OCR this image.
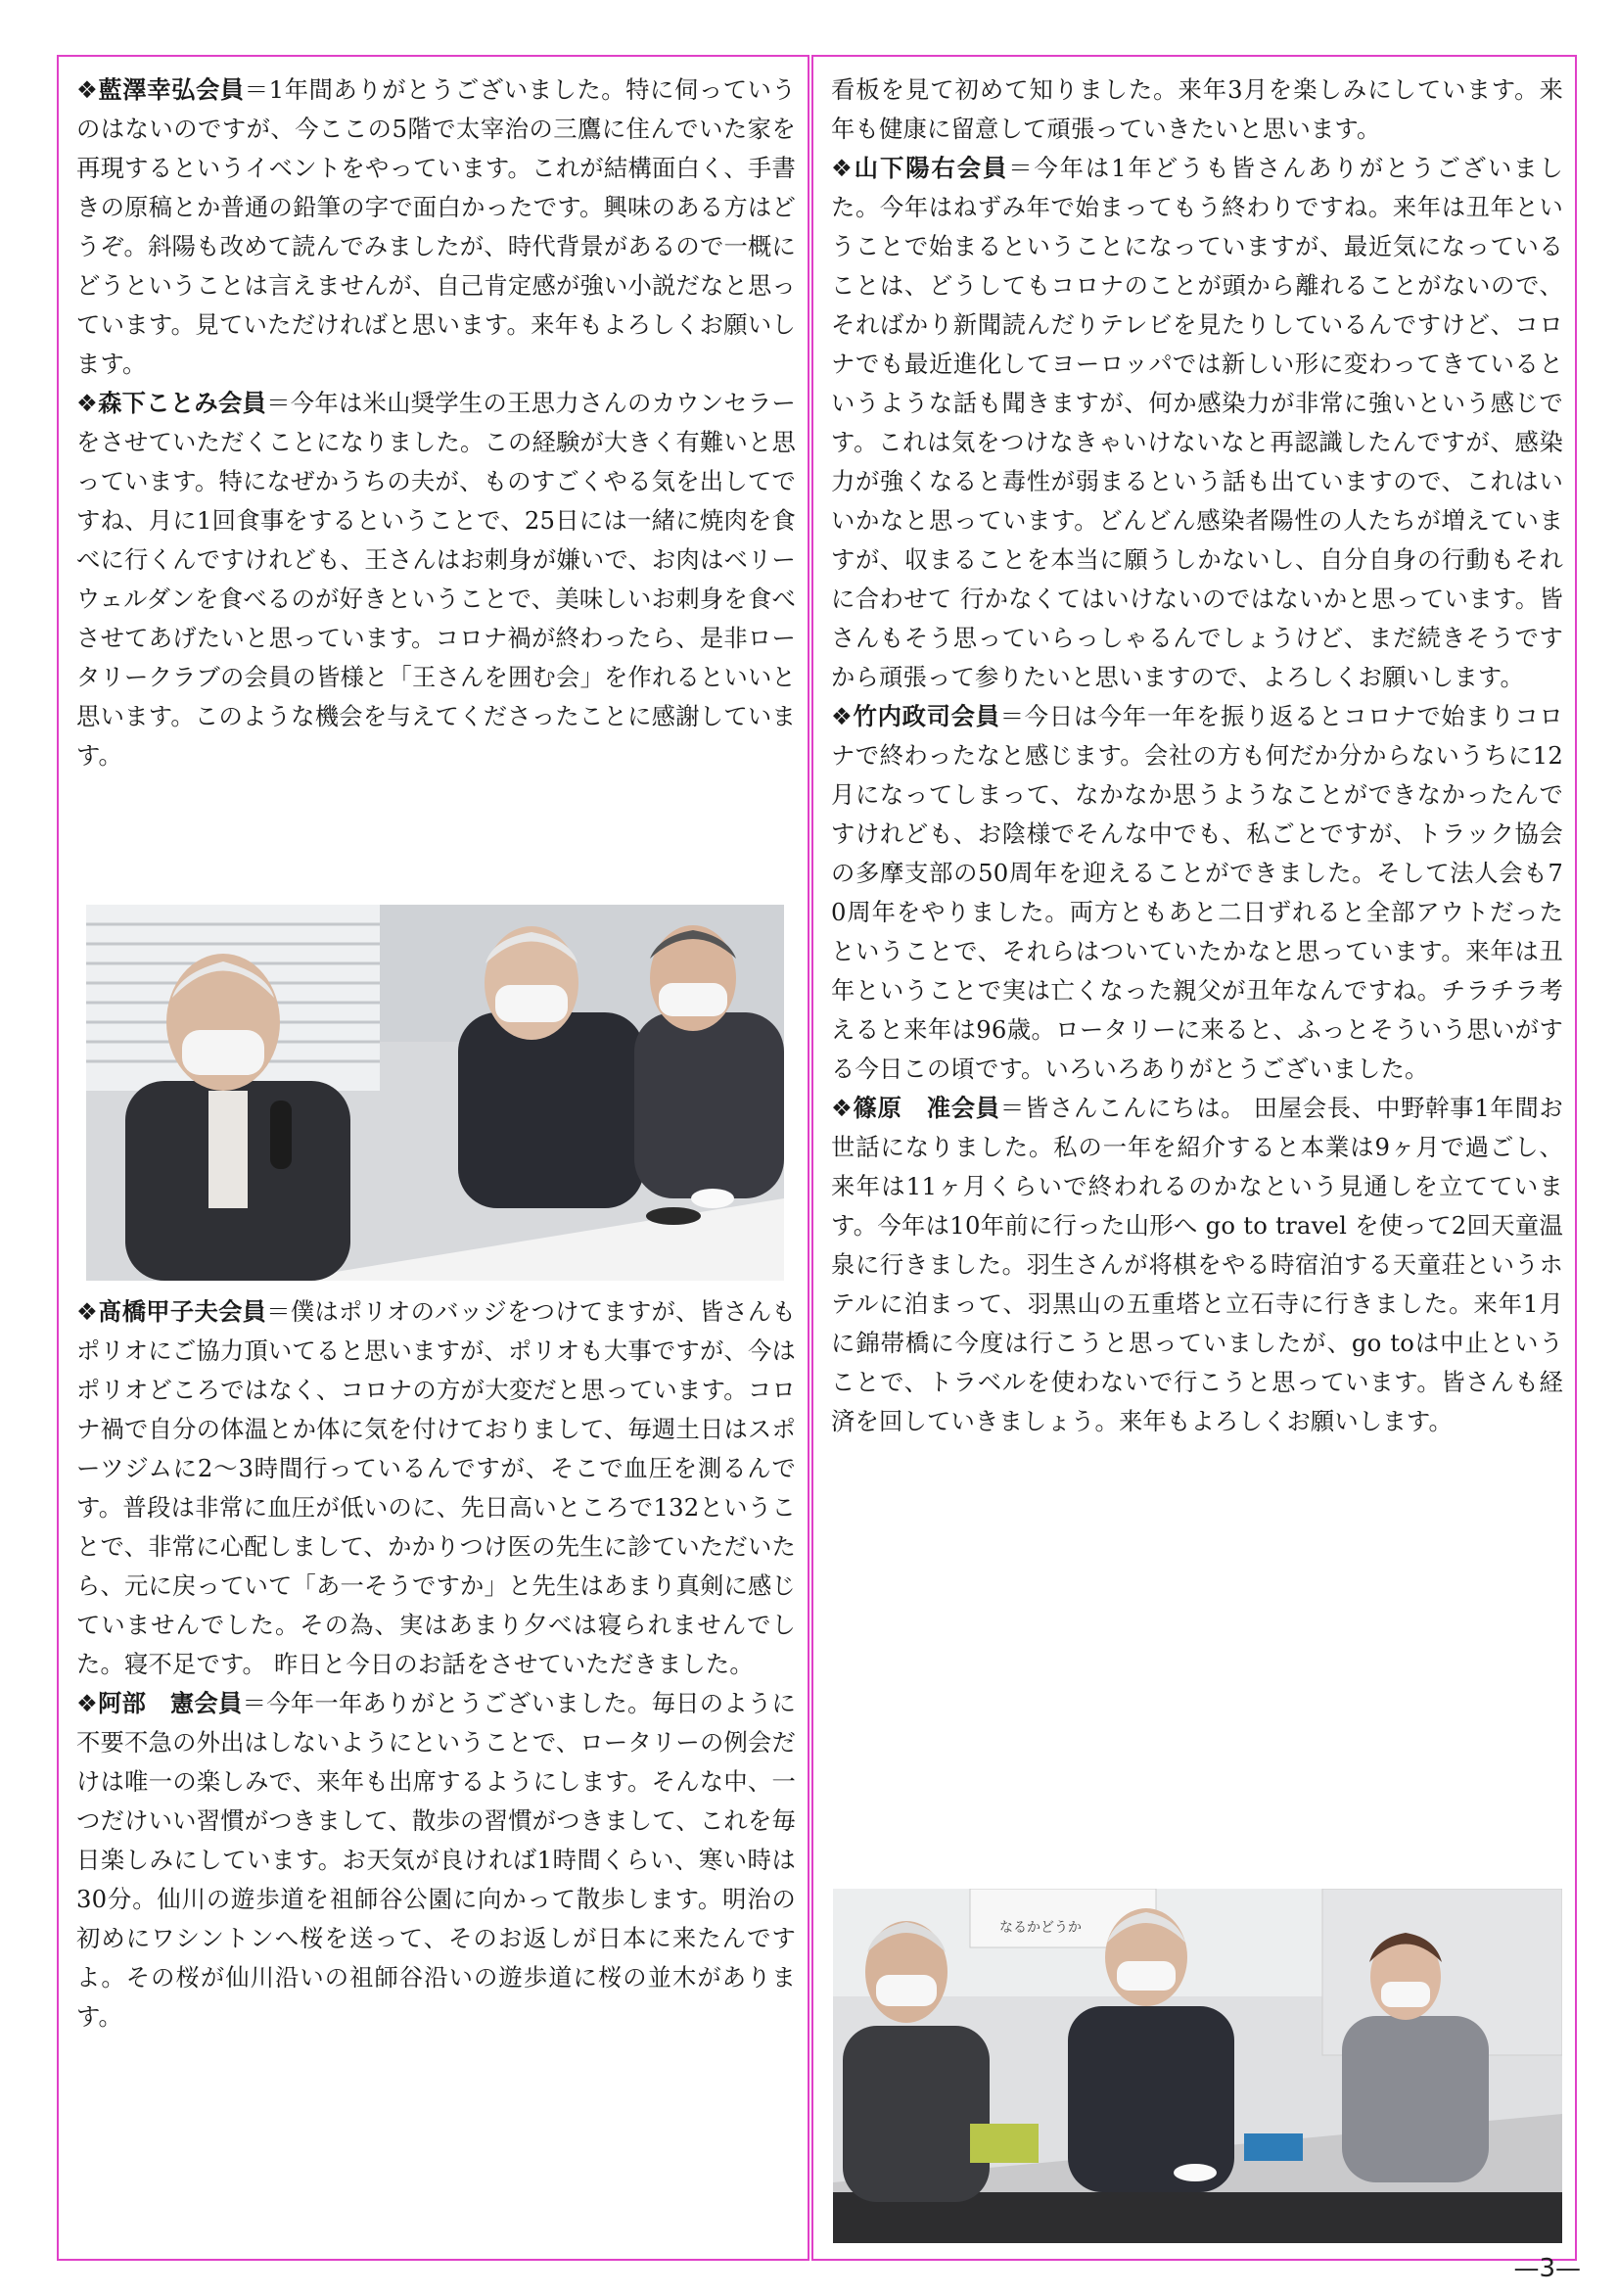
❖藍澤幸弘会員＝1年間ありがとうございました。特に伺っていうのはないのですが、今ここの5階で太宰治の三鷹に住んでいた家を再現するというイベントをやっています。これが結構面白く、手書きの原稿とか普通の鉛筆の字で面白かったです。興味のある方はどうぞ。斜陽も改めて読んでみましたが、時代背景があるので一概にどうということは言えませんが、自己肯定感が強い小説だなと思っています。見ていただければと思います。来年もよろしくお願いします。

❖森下ことみ会員＝今年は米山奨学生の王思力さんのカウンセラーをさせていただくことになりました。この経験が大きく有難いと思っています。特になぜかうちの夫が、ものすごくやる気を出してですね、月に1回食事をするということで、25日には一緒に焼肉を食べに行くんですけれども、王さんはお刺身が嫌いで、お肉はベリーウェルダンを食べるのが好きということで、美味しいお刺身を食べさせてあげたいと思っています。コロナ禍が終わったら、是非ロータリークラブの会員の皆様と「王さんを囲む会」を作れるといいと思います。このような機会を与えてくださったことに感謝しています。

❖髙橋甲子夫会員＝僕はポリオのバッジをつけてますが、皆さんもポリオにご協力頂いてると思いますが、ポリオも大事ですが、今はポリオどころではなく、コロナの方が大変だと思っています。コロナ禍で自分の体温とか体に気を付けておりまして、毎週土日はスポーツジムに2～3時間行っているんですが、そこで血圧を測るんです。普段は非常に血圧が低いのに、先日高いところで132ということで、非常に心配しまして、かかりつけ医の先生に診ていただいたら、元に戻っていて「あ一そうですか」と先生はあまり真剣に感じていませんでした。その為、実はあまり夕べは寝られませんでした。寝不足です。 昨日と今日のお話をさせていただきました。

❖阿部　憲会員＝今年一年ありがとうございました。毎日のように不要不急の外出はしないようにということで、ロータリーの例会だけは唯一の楽しみで、来年も出席するようにします。そんな中、一つだけいい習慣がつきまして、散歩の習慣がつきまして、これを毎日楽しみにしています。お天気が良ければ1時間くらい、寒い時は30分。仙川の遊歩道を祖師谷公園に向かって散歩します。明治の初めにワシントンへ桜を送って、そのお返しが日本に来たんですよ。その桜が仙川沿いの祖師谷沿いの遊歩道に桜の並木があります。

看板を見て初めて知りました。来年3月を楽しみにしています。来年も健康に留意して頑張っていきたいと思います。

❖山下陽右会員＝今年は1年どうも皆さんありがとうございました。今年はねずみ年で始まってもう終わりですね。来年は丑年ということで始まるということになっていますが、最近気になっていることは、どうしてもコロナのことが頭から離れることがないので、そればかり新聞読んだりテレビを見たりしているんですけど、コロナでも最近進化してヨーロッパでは新しい形に変わってきているというような話も聞きますが、何か感染力が非常に強いという感じです。これは気をつけなきゃいけないなと再認識したんですが、感染力が強くなると毒性が弱まるという話も出ていますので、これはいいかなと思っています。どんどん感染者陽性の人たちが増えていますが、収まることを本当に願うしかないし、自分自身の行動もそれに合わせて 行かなくてはいけないのではないかと思っています。皆さんもそう思っていらっしゃるんでしょうけど、まだ続きそうですから頑張って参りたいと思いますので、よろしくお願いします。

❖竹内政司会員＝今日は今年一年を振り返るとコロナで始まりコロナで終わったなと感じます。会社の方も何だか分からないうちに12月になってしまって、なかなか思うようなことができなかったんですけれども、お陰様でそんな中でも、私ごとですが、トラック協会の多摩支部の50周年を迎えることができました。そして法人会も70周年をやりました。両方ともあと二日ずれると全部アウトだったということで、それらはついていたかなと思っています。来年は丑年ということで実は亡くなった親父が丑年なんですね。チラチラ考えると来年は96歳。ロータリーに来ると、ふっとそういう思いがする今日この頃です。いろいろありがとうございました。

❖篠原　准会員＝皆さんこんにちは。 田屋会長、中野幹事1年間お世話になりました。私の一年を紹介すると本業は9ヶ月で過ごし、来年は11ヶ月くらいで終われるのかなという見通しを立てています。今年は10年前に行った山形へ go to travel を使って2回天童温泉に行きました。羽生さんが将棋をやる時宿泊する天童荘というホテルに泊まって、羽黒山の五重塔と立石寺に行きました。来年1月に錦帯橋に今度は行こうと思っていましたが、go toは中止ということで、トラベルを使わないで行こうと思っています。皆さんも経済を回していきましょう。来年もよろしくお願いします。

なるかどうか
—3—
